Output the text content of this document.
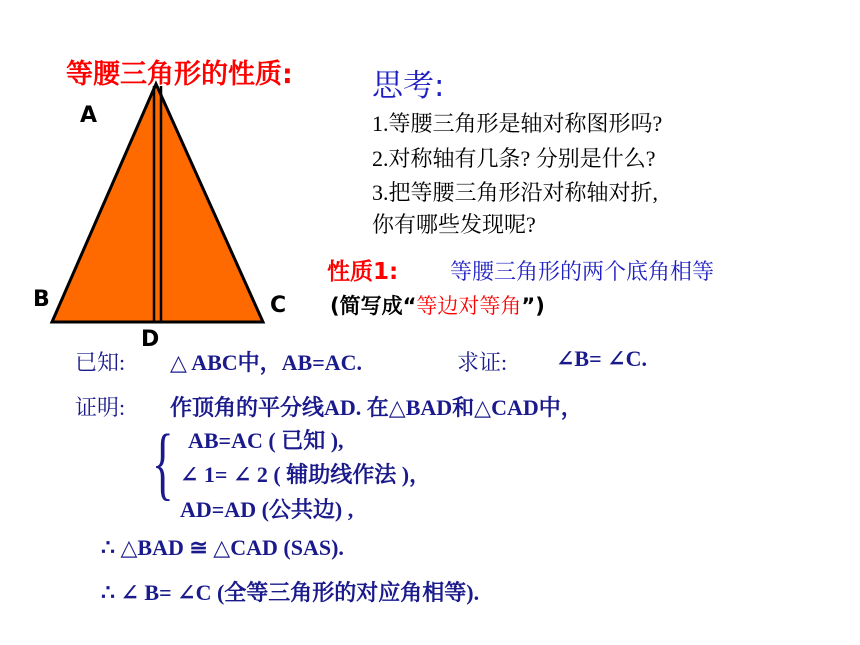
等腰三角形的性质:
A
B	C
D
思考:
1.等腰三角形是轴对称图形吗?
2.对称轴有几条? 分别是什么?
3.把等腰三角形沿对称轴对折,
你有哪些发现呢?
性质1: 等腰三角形的两个底角相等
(简写成“等边对等角”)
已知: △ ABC中，AB=AC.	求证: ∠B= ∠C.
证明: 作顶角的平分线AD. 在△BAD和△CAD中，
{ AB=AC ( 已知 ),
∠ 1= ∠ 2 ( 辅助线作法 )，
AD=AD (公共边) ,
∴ △BAD ≅ △CAD (SAS).
∴ ∠ B= ∠C (全等三角形的对应角相等).
